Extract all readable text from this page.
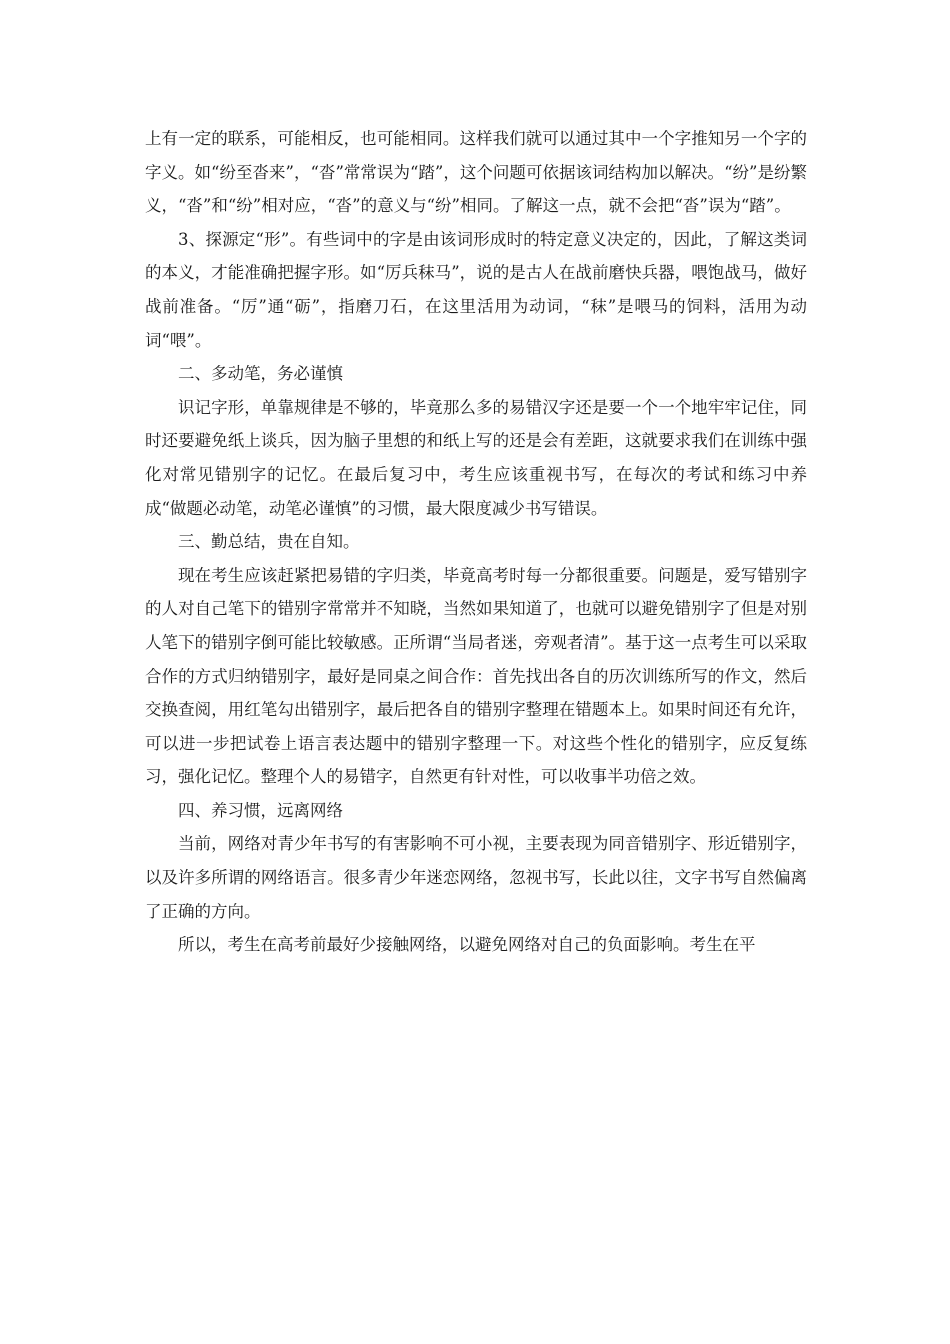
上有一定的联系，可能相反，也可能相同。这样我们就可以通过其中一个字推知另一个字的字义。如“纷至沓来”，“沓”常常误为“踏”，这个问题可依据该词结构加以解决。“纷”是纷繁义，“沓”和“纷”相对应，“沓”的意义与“纷”相同。了解这一点，就不会把“沓”误为“踏”。

3、探源定“形”。有些词中的字是由该词形成时的特定意义决定的，因此，了解这类词的本义，才能准确把握字形。如“厉兵秣马”，说的是古人在战前磨快兵器，喂饱战马，做好战前准备。“厉”通“砺”，指磨刀石，在这里活用为动词，“秣”是喂马的饲料，活用为动词“喂”。

二、多动笔，务必谨慎

识记字形，单靠规律是不够的，毕竟那么多的易错汉字还是要一个一个地牢牢记住，同时还要避免纸上谈兵，因为脑子里想的和纸上写的还是会有差距，这就要求我们在训练中强化对常见错别字的记忆。在最后复习中，考生应该重视书写，在每次的考试和练习中养成“做题必动笔，动笔必谨慎”的习惯，最大限度减少书写错误。

三、勤总结，贵在自知。

现在考生应该赶紧把易错的字归类，毕竟高考时每一分都很重要。问题是，爱写错别字的人对自己笔下的错别字常常并不知晓，当然如果知道了，也就可以避免错别字了但是对别人笔下的错别字倒可能比较敏感。正所谓“当局者迷，旁观者清”。基于这一点考生可以采取合作的方式归纳错别字，最好是同桌之间合作：首先找出各自的历次训练所写的作文，然后交换查阅，用红笔勾出错别字，最后把各自的错别字整理在错题本上。如果时间还有允许，可以进一步把试卷上语言表达题中的错别字整理一下。对这些个性化的错别字，应反复练习，强化记忆。整理个人的易错字，自然更有针对性，可以收事半功倍之效。

四、养习惯，远离网络

当前，网络对青少年书写的有害影响不可小视，主要表现为同音错别字、形近错别字，以及许多所谓的网络语言。很多青少年迷恋网络，忽视书写，长此以往，文字书写自然偏离了正确的方向。

所以，考生在高考前最好少接触网络，以避免网络对自己的负面影响。考生在平
